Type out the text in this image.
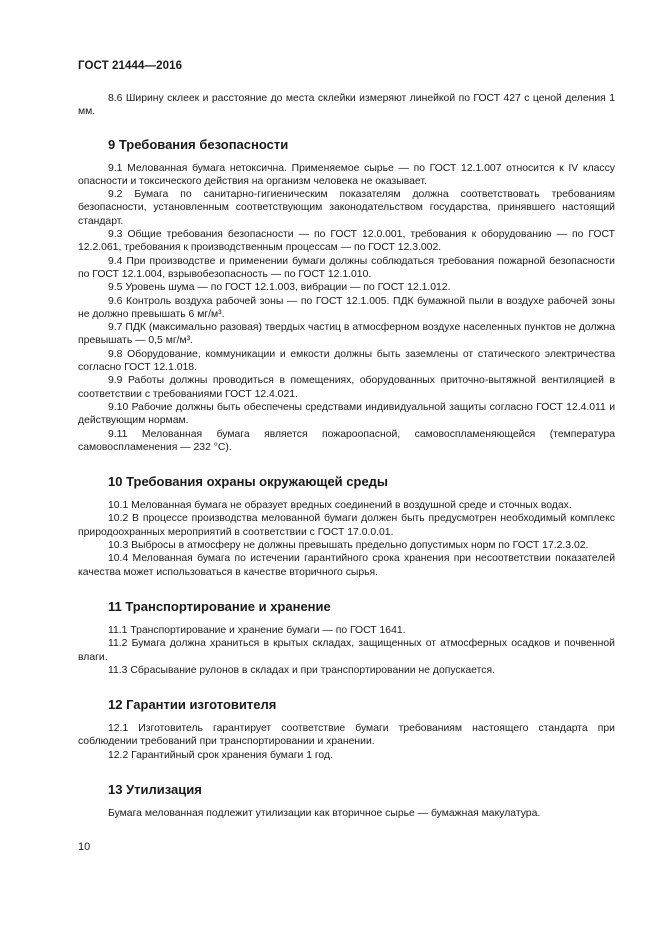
ГОСТ 21444—2016

8.6 Ширину склеек и расстояние до места склейки измеряют линейкой по ГОСТ 427 с ценой деления 1 мм.

9 Требования безопасности

9.1 Мелованная бумага нетоксична. Применяемое сырье — по ГОСТ 12.1.007 относится к IV классу опасности и токсического действия на организм человека не оказывает.

9.2 Бумага по санитарно-гигиеническим показателям должна соответствовать требованиям безопасности, установленным соответствующим законодательством государства, принявшего настоящий стандарт.

9.3 Общие требования безопасности — по ГОСТ 12.0.001, требования к оборудованию — по ГОСТ 12.2.061, требования к производственным процессам — по ГОСТ 12.3.002.

9.4 При производстве и применении бумаги должны соблюдаться требования пожарной безопасности по ГОСТ 12.1.004, взрывобезопасность — по ГОСТ 12.1.010.

9.5 Уровень шума — по ГОСТ 12.1.003, вибрации — по ГОСТ 12.1.012.

9.6 Контроль воздуха рабочей зоны — по ГОСТ 12.1.005. ПДК бумажной пыли в воздухе рабочей зоны не должно превышать 6 мг/м³.

9.7 ПДК (максимально разовая) твердых частиц в атмосферном воздухе населенных пунктов не должна превышать — 0,5 мг/м³.

9.8 Оборудование, коммуникации и емкости должны быть заземлены от статического электричества согласно ГОСТ 12.1.018.

9.9 Работы должны проводиться в помещениях, оборудованных приточно-вытяжной вентиляцией в соответствии с требованиями ГОСТ 12.4.021.

9.10 Рабочие должны быть обеспечены средствами индивидуальной защиты согласно ГОСТ 12.4.011 и действующим нормам.

9.11 Мелованная бумага является пожароопасной, самовоспламеняющейся (температура самовоспламенения — 232 °С).

10 Требования охраны окружающей среды

10.1 Мелованная бумага не образует вредных соединений в воздушной среде и сточных водах.

10.2 В процессе производства мелованной бумаги должен быть предусмотрен необходимый комплекс природоохранных мероприятий в соответствии с ГОСТ 17.0.0.01.

10.3 Выбросы в атмосферу не должны превышать предельно допустимых норм по ГОСТ 17.2.3.02.

10.4 Мелованная бумага по истечении гарантийного срока хранения при несоответствии показателей качества может использоваться в качестве вторичного сырья.

11 Транспортирование и хранение

11.1 Транспортирование и хранение бумаги — по ГОСТ 1641.

11.2 Бумага должна храниться в крытых складах, защищенных от атмосферных осадков и почвенной влаги.

11.3 Сбрасывание рулонов в складах и при транспортировании не допускается.

12 Гарантии изготовителя

12.1 Изготовитель гарантирует соответствие бумаги требованиям настоящего стандарта при соблюдении требований при транспортировании и хранении.

12.2 Гарантийный срок хранения бумаги 1 год.

13 Утилизация

Бумага мелованная подлежит утилизации как вторичное сырье — бумажная макулатура.

10
